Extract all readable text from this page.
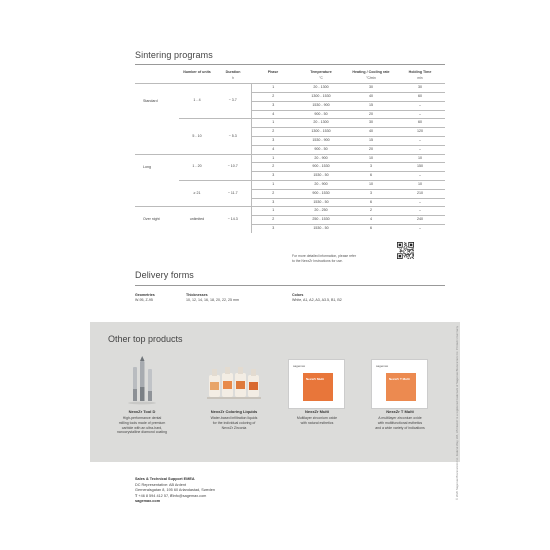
Sintering programs
	Number of units	Duration	Phase	Temperature	Heating / Cooling rate	Holding Time
		h		°C	°C/min	min
Standard	1 - 4	~ 3.7	1	20 - 1300	30	30
			2	1300 - 1530	40	60
			3	1530 - 900	15	–
			4	900 - 50	20	–
	5 - 10	~ 5.3	1	20 - 1300	30	60
			2	1300 - 1530	40	120
			3	1530 - 900	15	–
			4	900 - 50	20	–
Long	1 - 20	~ 10.7	1	20 - 900	10	10
			2	900 - 1530	3	150
			3	1530 - 50	6	–
	≥ 21	~ 11.7	1	20 - 900	10	10
			2	900 - 1530	3	210
			3	1530 - 50	6	–
Over night	unlimited	~ 14.3	1	20 - 250	2	–
			2	250 - 1530	4	240
			3	1530 - 50	6	–
For more detailed information, please refer
to the NexxZr Instructions for use.
Delivery forms
Geometries
W-95, Z-95
Thicknesses
10, 12, 14, 16, 18, 20, 22, 25 mm
Colors
White, A1, A2, A3, A3.5, B1, B2
Other top products
NexxZr Tool D
High-performance dental
milling tools made of premium
carbide with an ultra-hard,
nanocrystalline diamond coating
NexxZr Coloring Liquids
Water-based infiltration liquids
for the individual coloring of
NexxZr Zirconia
sagemax
NexxZr Multi
NexxZr Multi
Multilayer zirconium oxide
with natural esthetics
sagemax
NexxZr T Multi
NexxZr T Multi
A multilayer zirconium oxide
with multifunctional esthetics
and a wide variety of indications
© 2020 Sagemax Bioceramics Inc. Federal Way, WA, US NexxZr is a registered trademark of Sagemax Bioceramics Inc. Printed in Germany
Sales & Technical Support EMEA
DC Representative: AB Ardent
Gerneralsgatan 8, 195 60 Arlandastad, Sweden
T +46 8 594 412 57, Einfo@sagemax.com
sagemax.com
